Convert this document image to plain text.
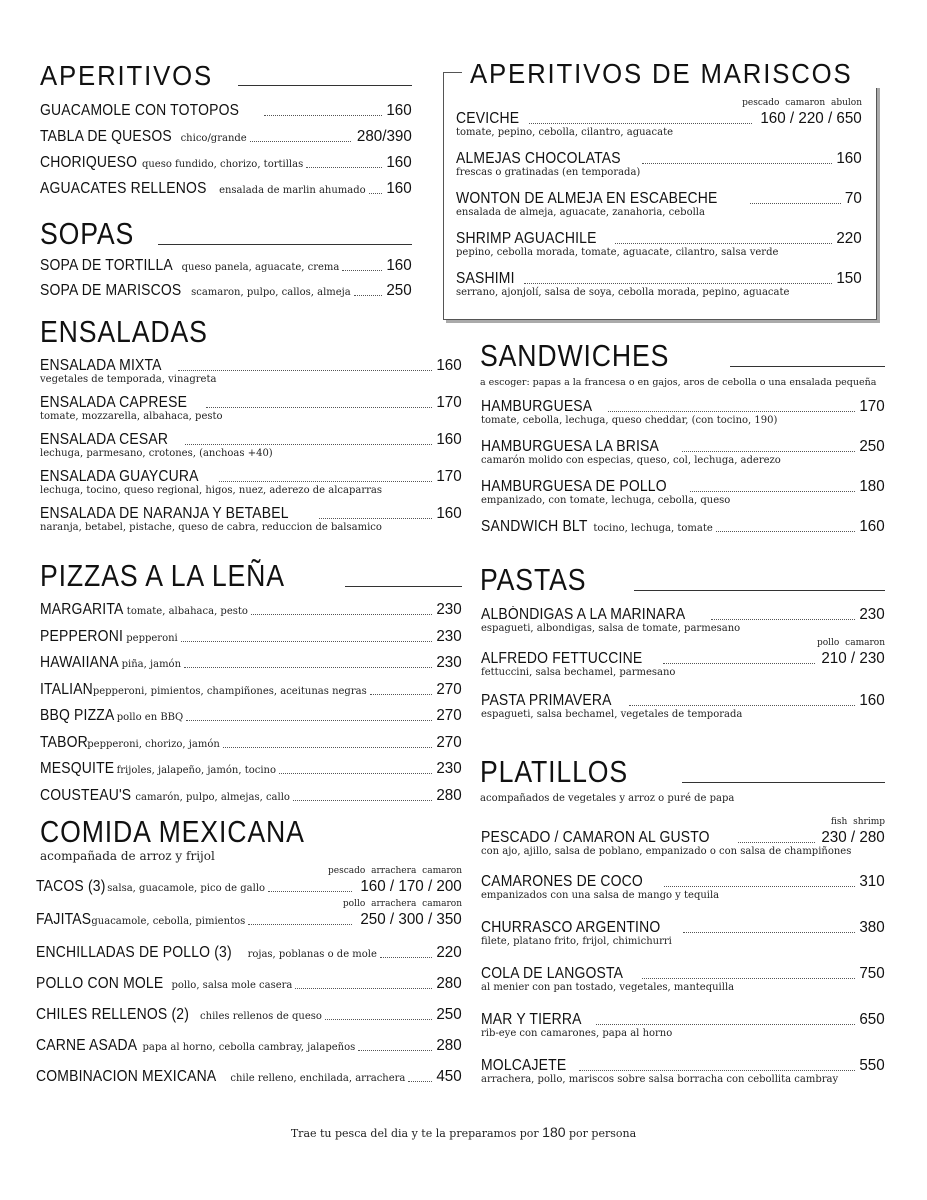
APERITIVOS
GUACAMOLE CON TOTOPOS	160
TABLA DE QUESOS chico/grande	280/390
CHORIQUESO queso fundido, chorizo, tortillas	160
AGUACATES RELLENOS ensalada de marlin ahumado 160
SOPAS
SOPA DE TORTILLA queso panela, aguacate, crema	160
SOPA DE MARISCOS scamaron, pulpo, callos, almeja 250
ENSALADAS
ENSALADA MIXTA	160
vegetales de temporada, vinagreta
ENSALADA CAPRESE	170
tomate, mozzarella, albahaca, pesto
ENSALADA CESAR	160
lechuga, parmesano, crotones, (anchoas +40)
ENSALADA GUAYCURA	170
lechuga, tocino, queso regional, higos, nuez, aderezo de alcaparras
ENSALADA DE NARANJA Y BETABEL	160
naranja, betabel, pistache, queso de cabra, reduccion de balsamico
PIZZAS A LA LEÑA
MARGARITA tomate, albahaca, pesto	230
PEPPERONI pepperoni	230
HAWAIIANA piña, jamón	230
ITALIAN pepperoni, pimientos, champiñones, aceitunas negras	270
BBQ PIZZA pollo en BBQ	270
TABOR pepperoni, chorizo, jamón	270
MESQUITE frijoles, jalapeño, jamón, tocino	230
COUSTEAU'S camarón, pulpo, almejas, callo	280
COMIDA MEXICANA
acompañada de arroz y frijol
pescado arrachera camaron
TACOS (3) salsa, guacamole, pico de gallo	160 / 170 / 200
pollo arrachera camaron
FAJITAS guacamole, cebolla, pimientos	250 / 300 / 350
ENCHILLADAS DE POLLO (3) rojas, poblanas o de mole	220
POLLO CON MOLE pollo, salsa mole casera	280
CHILES RELLENOS (2) chiles rellenos de queso	250
CARNE ASADA papa al horno, cebolla cambray, jalapeños	280
COMBINACION MEXICANA chile relleno, enchilada, arrachera 450
APERITIVOS DE MARISCOS
pescado camaron abulon
CEVICHE	160 / 220 / 650
tomate, pepino, cebolla, cilantro, aguacate
ALMEJAS CHOCOLATAS	160
frescas o gratinadas (en temporada)
WONTON DE ALMEJA EN ESCABECHE	70
ensalada de almeja, aguacate, zanahoria, cebolla
SHRIMP AGUACHILE	220
pepino, cebolla morada, tomate, aguacate, cilantro, salsa verde
SASHIMI	150
serrano, ajonjolí, salsa de soya, cebolla morada, pepino, aguacate
SANDWICHES
a escoger: papas a la francesa o en gajos, aros de cebolla o una ensalada pequeña
HAMBURGUESA	170
tomate, cebolla, lechuga, queso cheddar, (con tocino, 190)
HAMBURGUESA LA BRISA	250
camarón molido con especias, queso, col, lechuga, aderezo
HAMBURGUESA DE POLLO	180
empanizado, con tomate, lechuga, cebolla, queso
SANDWICH BLT tocino, lechuga, tomate	160
PASTAS
ALBÓNDIGAS A LA MARINARA	230
espagueti, albondigas, salsa de tomate, parmesano
pollo camaron
ALFREDO FETTUCCINE	210 / 230
fettuccini, salsa bechamel, parmesano
PASTA PRIMAVERA	160
espagueti, salsa bechamel, vegetales de temporada
PLATILLOS
acompañados de vegetales y arroz o puré de papa
fish shrimp
PESCADO / CAMARON AL GUSTO	230 / 280
con ajo, ajillo, salsa de poblano, empanizado o con salsa de champiñones
CAMARONES DE COCO	310
empanizados con una salsa de mango y tequila
CHURRASCO ARGENTINO	380
filete, platano frito, frijol, chimichurri
COLA DE LANGOSTA	750
al menier con pan tostado, vegetales, mantequilla
MAR Y TIERRA	650
rib-eye con camarones, papa al horno
MOLCAJETE	550
arrachera, pollo, mariscos sobre salsa borracha con cebollita cambray
Trae tu pesca del dia y te la preparamos por 180 por persona
